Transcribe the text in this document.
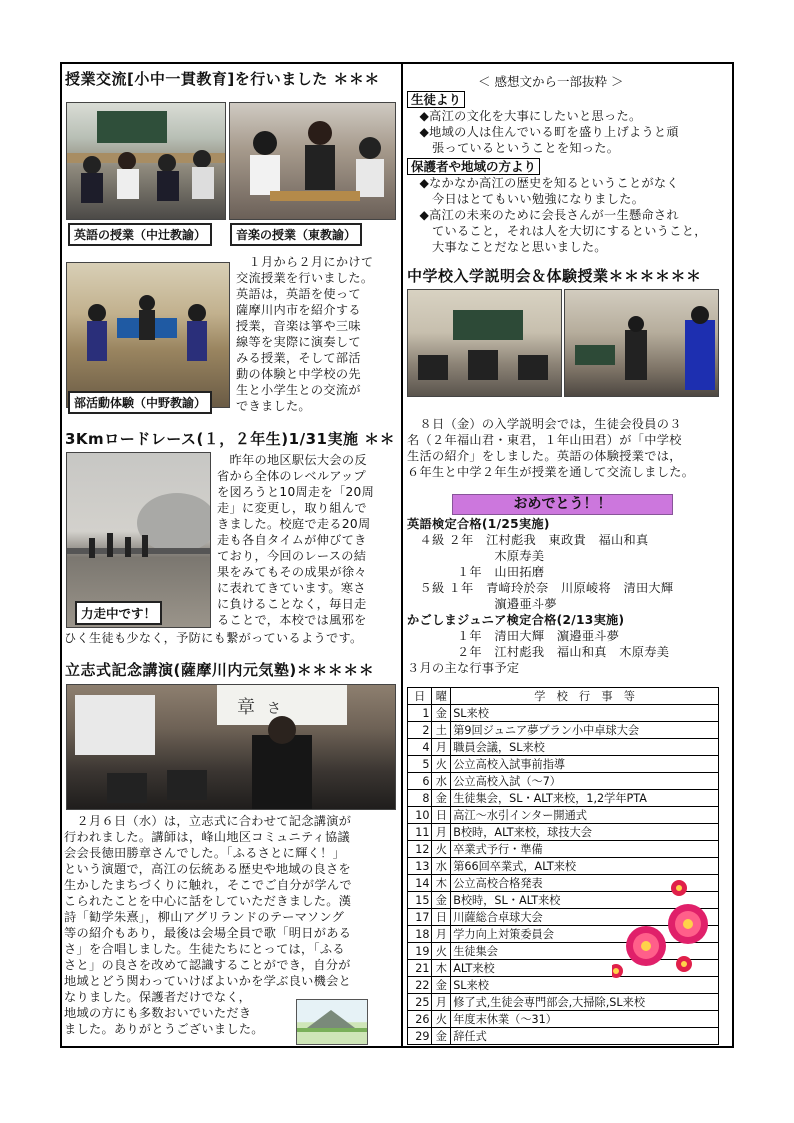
授業交流[小中一貫教育]を行いました ＊＊＊
英語の授業（中辻教諭）	音楽の授業（東教諭）
部活動体験（中野教諭）
　１月から２月にかけて
交流授業を行いました。
英語は，英語を使って
薩摩川内市を紹介する
授業，音楽は箏や三味
線等を実際に演奏して
みる授業，そして部活
動の体験と中学校の先
生と小学生との交流が
できました。
3Kmロードレース(１，２年生)1/31実施 ＊＊
力走中です！
　昨年の地区駅伝大会の反
省から全体のレベルアップ
を図ろうと10周走を「20周
走」に変更し，取り組んで
きました。校庭で走る20周
走も各自タイムが伸びてき
ており，今回のレースの結
果をみてもその成果が徐々
に表れてきています。寒さ
に負けることなく，毎日走
ることで，本校では風邪を
ひく生徒も少なく，予防にも繋がっているようです。
立志式記念講演(薩摩川内元気塾)＊＊＊＊＊
章 さ
　２月６日（水）は，立志式に合わせて記念講演が
行われました。講師は，峰山地区コミュニティ協議
会会長徳田勝章さんでした。「ふるさとに輝く！」
という演題で，高江の伝統ある歴史や地域の良さを
生かしたまちづくりに触れ，そこでご自分が学んで
こられたことを中心に話をしていただきました。漢
詩「勧学朱熹」，柳山アグリランドのテーマソング
等の紹介もあり，最後は会場全員で歌「明日がある
さ」を合唱しました。生徒たちにとっては，「ふる
さと」の良さを改めて認識することができ，自分が
地域とどう関わっていけばよいかを学ぶ良い機会と
なりました。保護者だけでなく，
地域の方にも多数おいでいただき
ました。ありがとうございました。
＜ 感想文から一部抜粋 ＞
生徒より
　◆高江の文化を大事にしたいと思った。
　◆地域の人は住んでいる町を盛り上げようと頑
　　張っているということを知った。
保護者や地域の方より
　◆なかなか高江の歴史を知るということがなく
　　今日はとてもいい勉強になりました。
　◆高江の未来のために会長さんが一生懸命され
　　ていること，それは人を大切にするということ，
　　大事なことだなと思いました。
中学校入学説明会＆体験授業＊＊＊＊＊＊
　８日（金）の入学説明会では，生徒会役員の３
名（２年福山君・東君，１年山田君）が「中学校
生活の紹介」をしました。英語の体験授業では，
６年生と中学２年生が授業を通して交流しました。
おめでとう！！
英語検定合格(1/25実施)
　４級 ２年　江村彪我　東政貴　福山和真
　　　　　　　木原寿美
　　　　１年　山田拓磨
　５級 １年　青﨑玲於奈　川原崚将　清田大輝
　　　　　　　濵邉亜斗夢
かごしまジュニア検定合格(2/13実施)
　　　　１年　清田大輝　濵邉亜斗夢
　　　　２年　江村彪我　福山和真　木原寿美
３月の主な行事予定
日	曜	学　校　行　事　等
1	金	SL来校
2	土	第9回ジュニア夢プラン小中卓球大会
4	月	職員会議，SL来校
5	火	公立高校入試事前指導
6	水	公立高校入試（～7）
8	金	生徒集会，SL・ALT来校，1,2学年PTA
10	日	高江～水引インター開通式
11	月	B校時，ALT来校，球技大会
12	火	卒業式予行・準備
13	水	第66回卒業式，ALT来校
14	木	公立高校合格発表
15	金	B校時，SL・ALT来校
17	日	川薩総合卓球大会
18	月	学力向上対策委員会
19	火	生徒集会
21	木	ALT来校
22	金	SL来校
25	月	修了式,生徒会専門部会,大掃除,SL来校
26	火	年度末休業（～31）
29	金	辞任式
